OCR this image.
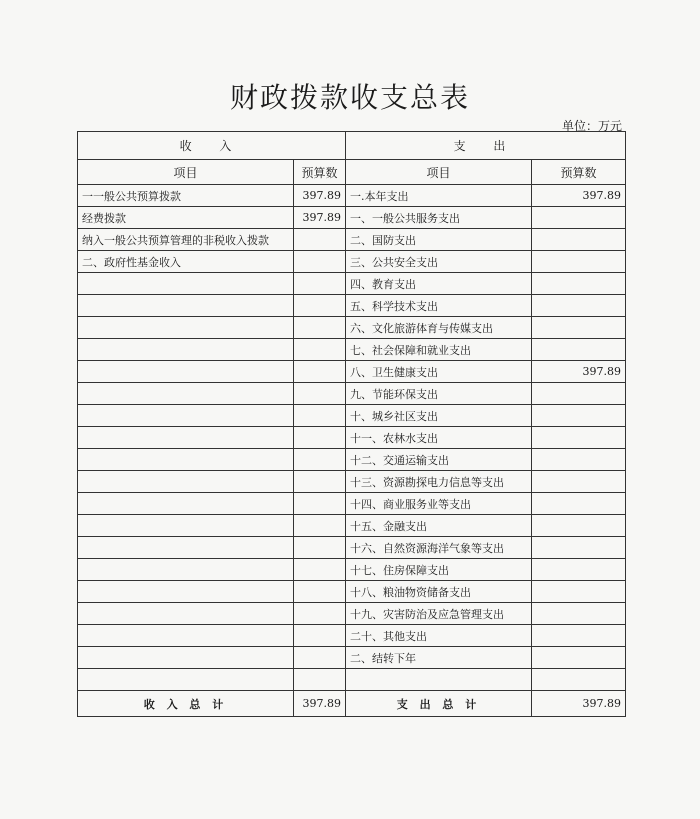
财政拨款收支总表
单位：万元
收 入		支 出	
项目	预算数	项目	预算数
一一般公共预算拨款	397.89	一.本年支出	397.89
经费拨款	397.89	一、一般公共服务支出	
纳入一般公共预算管理的非税收入拨款		二、国防支出	
二、政府性基金收入		三、公共安全支出	
		四、教育支出	
		五、科学技术支出	
		六、文化旅游体育与传媒支出	
		七、社会保障和就业支出	
		八、卫生健康支出	397.89
		九、节能环保支出	
		十、城乡社区支出	
		十一、农林水支出	
		十二、交通运输支出	
		十三、资源勘探电力信息等支出	
		十四、商业服务业等支出	
		十五、金融支出	
		十六、自然资源海洋气象等支出	
		十七、住房保障支出	
		十八、粮油物资储备支出	
		十九、灾害防治及应急管理支出	
		二十、其他支出	
		二、结转下年	

收 入 总 计	397.89	支 出 总 计	397.89
